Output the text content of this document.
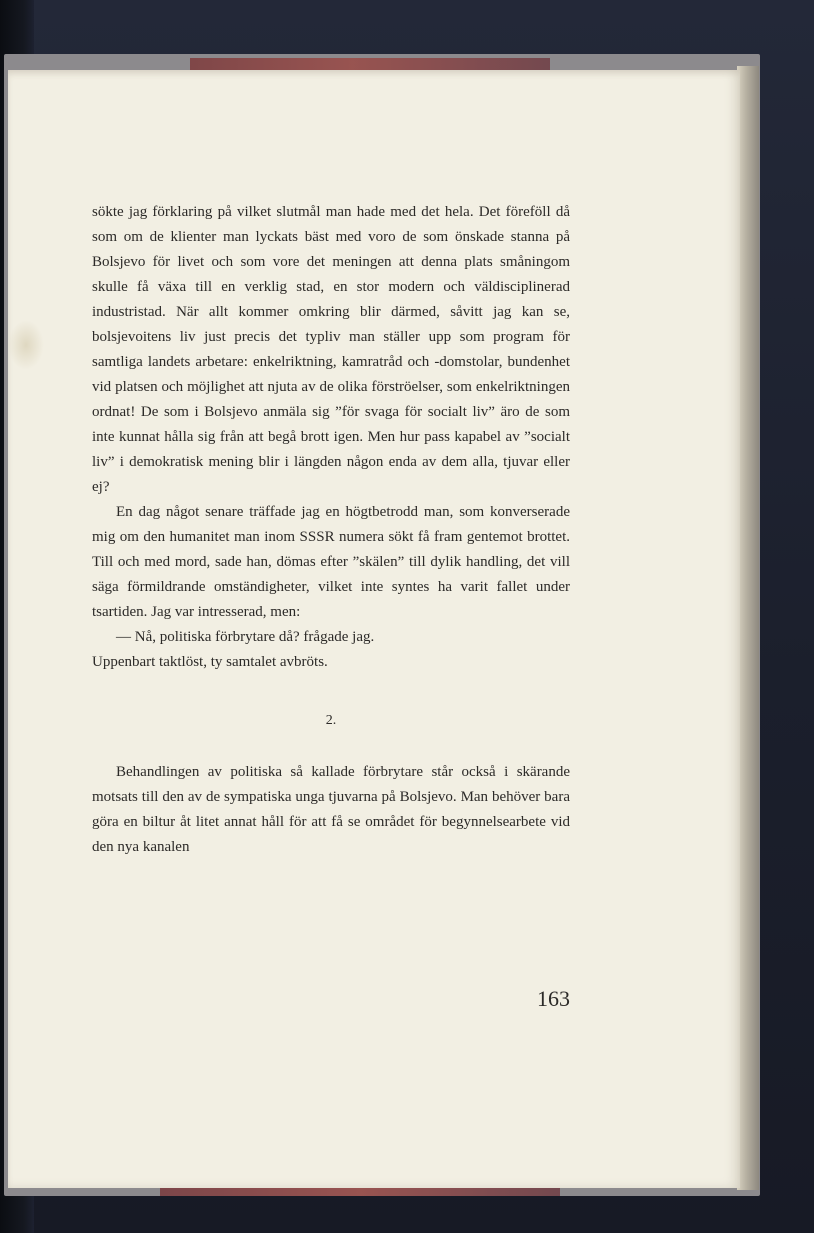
sökte jag förklaring på vilket slutmål man hade med det hela. Det föreföll då som om de klienter man lyckats bäst med voro de som önskade stanna på Bolsjevo för livet och som vore det meningen att denna plats småningom skulle få växa till en verklig stad, en stor modern och väldisciplinerad industristad. När allt kommer omkring blir därmed, såvitt jag kan se, bolsjevoitens liv just precis det typliv man ställer upp som program för samtliga landets arbetare: enkelriktning, kamratråd och -domstolar, bundenhet vid platsen och möjlighet att njuta av de olika förströelser, som enkelriktningen ordnat! De som i Bolsjevo anmäla sig ”för svaga för socialt liv” äro de som inte kunnat hålla sig från att begå brott igen. Men hur pass kapabel av ”socialt liv” i demokratisk mening blir i längden någon enda av dem alla, tjuvar eller ej?

En dag något senare träffade jag en högtbetrodd man, som konverserade mig om den humanitet man inom SSSR numera sökt få fram gentemot brottet. Till och med mord, sade han, dömas efter ”skälen” till dylik handling, det vill säga förmildrande omständigheter, vilket inte syntes ha varit fallet under tsartiden. Jag var intresserad, men:

— Nå, politiska förbrytare då? frågade jag.

Uppenbart taktlöst, ty samtalet avbröts.

2.

Behandlingen av politiska så kallade förbrytare står också i skärande motsats till den av de sympatiska unga tjuvarna på Bolsjevo. Man behöver bara göra en biltur åt litet annat håll för att få se området för begynnelsearbete vid den nya kanalen

163
